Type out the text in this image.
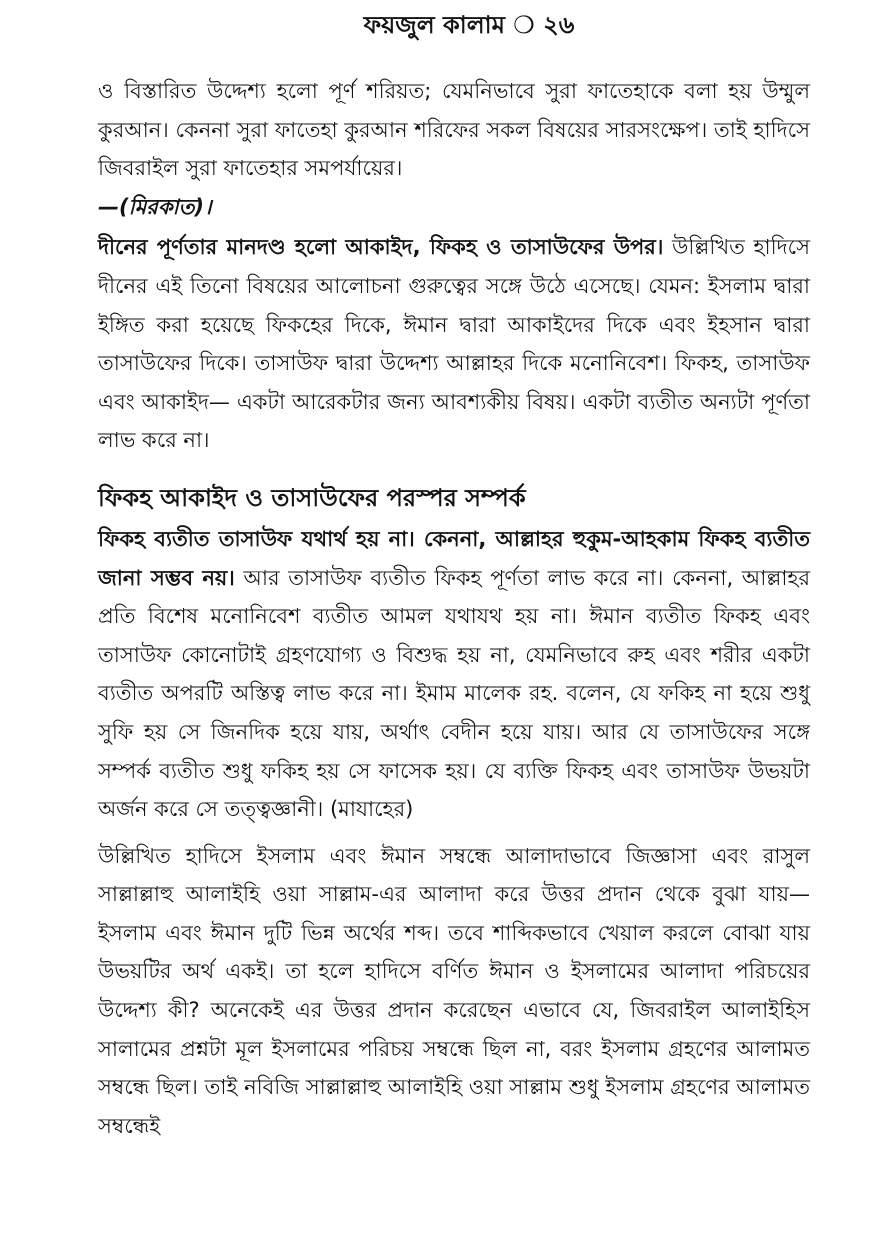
ফয়জুল কালাম ❍ ২৬

ও বিস্তারিত উদ্দেশ্য হলো পূর্ণ শরিয়ত; যেমনিভাবে সুরা ফাতেহাকে বলা হয় উম্মুল কুরআন। কেননা সুরা ফাতেহা কুরআন শরিফের সকল বিষয়ের সারসংক্ষেপ। তাই হাদিসে জিবরাইল সুরা ফাতেহার সমপর্যায়ের।

—(মিরকাত)।

দীনের পূর্ণতার মানদণ্ড হলো আকাইদ, ফিকহ ও তাসাউফের উপর। উল্লিখিত হাদিসে দীনের এই তিনো বিষয়ের আলোচনা গুরুত্বের সঙ্গে উঠে এসেছে। যেমন: ইসলাম দ্বারা ইঙ্গিত করা হয়েছে ফিকহের দিকে, ঈমান দ্বারা আকাইদের দিকে এবং ইহসান দ্বারা তাসাউফের দিকে। তাসাউফ দ্বারা উদ্দেশ্য আল্লাহর দিকে মনোনিবেশ। ফিকহ, তাসাউফ এবং আকাইদ— একটা আরেকটার জন্য আবশ্যকীয় বিষয়। একটা ব্যতীত অন্যটা পূর্ণতা লাভ করে না।

ফিকহ আকাইদ ও তাসাউফের পরস্পর সম্পর্ক

ফিকহ ব্যতীত তাসাউফ যথার্থ হয় না। কেননা, আল্লাহর হুকুম-আহকাম ফিকহ ব্যতীত জানা সম্ভব নয়। আর তাসাউফ ব্যতীত ফিকহ পূর্ণতা লাভ করে না। কেননা, আল্লাহর প্রতি বিশেষ মনোনিবেশ ব্যতীত আমল যথাযথ হয় না। ঈমান ব্যতীত ফিকহ এবং তাসাউফ কোনোটাই গ্রহণযোগ্য ও বিশুদ্ধ হয় না, যেমনিভাবে রুহ এবং শরীর একটা ব্যতীত অপরটি অস্তিত্ব লাভ করে না। ইমাম মালেক রহ. বলেন, যে ফকিহ না হয়ে শুধু সুফি হয় সে জিনদিক হয়ে যায়, অর্থাৎ বেদীন হয়ে যায়। আর যে তাসাউফের সঙ্গে সম্পর্ক ব্যতীত শুধু ফকিহ হয় সে ফাসেক হয়। যে ব্যক্তি ফিকহ এবং তাসাউফ উভয়টা অর্জন করে সে তত্ত্বজ্ঞানী। (মাযাহের)

উল্লিখিত হাদিসে ইসলাম এবং ঈমান সম্বন্ধে আলাদাভাবে জিজ্ঞাসা এবং রাসুল সাল্লাল্লাহু আলাইহি ওয়া সাল্লাম-এর আলাদা করে উত্তর প্রদান থেকে বুঝা যায়—ইসলাম এবং ঈমান দুটি ভিন্ন অর্থের শব্দ। তবে শাব্দিকভাবে খেয়াল করলে বোঝা যায় উভয়টির অর্থ একই। তা হলে হাদিসে বর্ণিত ঈমান ও ইসলামের আলাদা পরিচয়ের উদ্দেশ্য কী? অনেকেই এর উত্তর প্রদান করেছেন এভাবে যে, জিবরাইল আলাইহিস সালামের প্রশ্নটা মূল ইসলামের পরিচয় সম্বন্ধে ছিল না, বরং ইসলাম গ্রহণের আলামত সম্বন্ধে ছিল। তাই নবিজি সাল্লাল্লাহু আলাইহি ওয়া সাল্লাম শুধু ইসলাম গ্রহণের আলামত সম্বন্ধেই
